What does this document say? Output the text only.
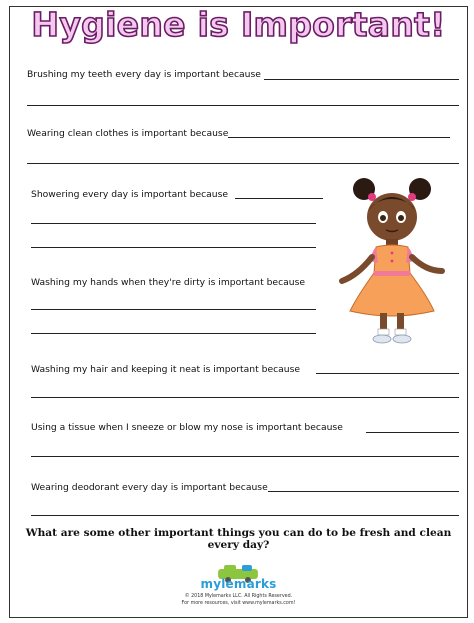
Hygiene is Important!
Brushing my teeth every day is important because
Wearing clean clothes is important because
Showering every day is important because
Washing my hands when they're dirty is important because
Washing my hair and keeping it neat is important because
Using a tissue when I sneeze or blow my nose is important because
Wearing deodorant every day is important because
What are some other important things you can do to be fresh and clean every day?
mylemarks
© 2018 Mylemarks LLC. All Rights Reserved.
For more resources, visit www.mylemarks.com!
